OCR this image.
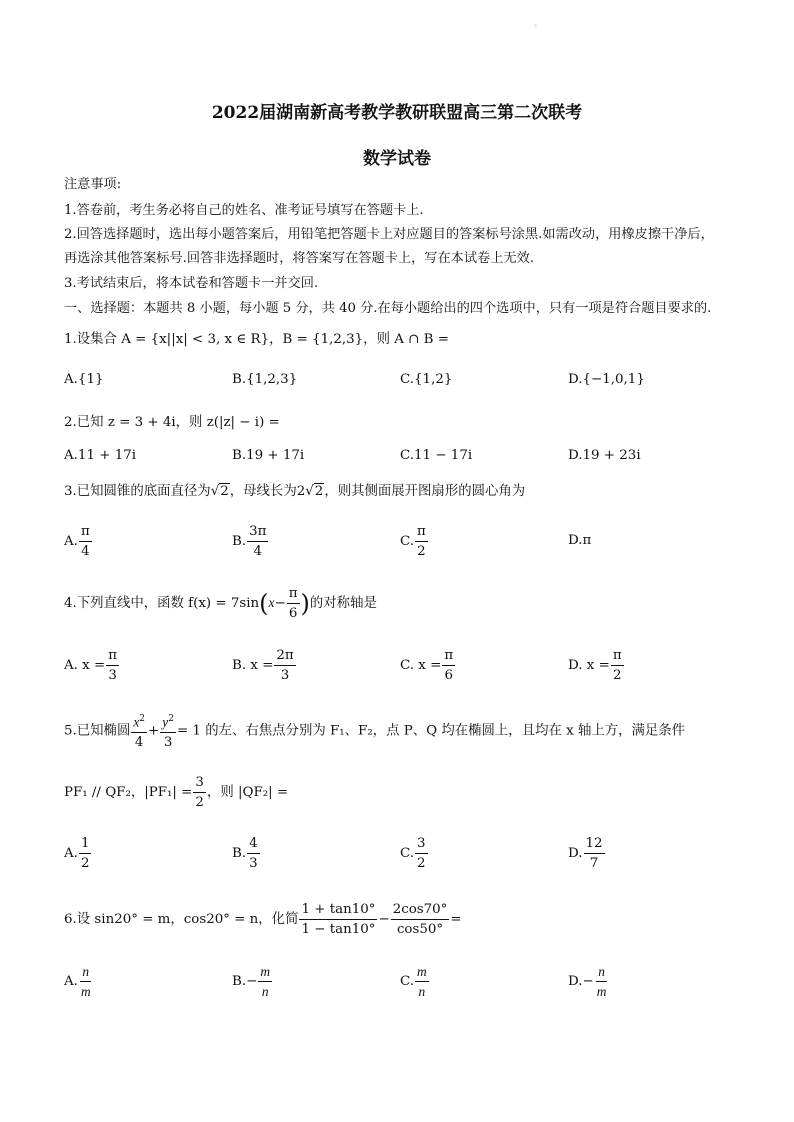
。
2022届湖南新高考教学教研联盟高三第二次联考
数学试卷
注意事项:
1.答卷前，考生务必将自己的姓名、准考证号填写在答题卡上.
2.回答选择题时，选出每小题答案后，用铅笔把答题卡上对应题目的答案标号涂黑.如需改动，用橡皮擦干净后，
再选涂其他答案标号.回答非选择题时，将答案写在答题卡上，写在本试卷上无效.
3.考试结束后，将本试卷和答题卡一并交回.
一、选择题：本题共 8 小题，每小题 5 分，共 40 分.在每小题给出的四个选项中，只有一项是符合题目要求的.
1.设集合 A = {x||x| < 3, x ∈ R}，B = {1,2,3}，则 A ∩ B =
A.{1}	B.{1,2,3}	C.{1,2}	D.{−1,0,1}
2.已知 z = 3 + 4i，则 z(|z| − i) =
A.11 + 17i	B.19 + 17i	C.11 − 17i	D.19 + 23i
3.已知圆锥的底面直径为√2，母线长为2√2，则其侧面展开图扇形的圆心角为
A. $\frac{\pi}{4}$	B. $\frac{3\pi}{4}$	C. $\frac{\pi}{2}$	D.π
4.下列直线中，函数 $f(x) = 7\sin(x- \frac{\pi}{6}$ )的对称轴是
A. $x = \frac{\pi}{3}$	B. $x = \frac{2\pi}{3}$	C. $x = \frac{\pi}{6}$	D. $x = \frac{\pi}{2}$
5.已知椭圆 $\frac{x^2}{4} + \frac{y^2}{3} = 1$ 的左、右焦点分别为 F₁、F₂，点 P、Q 均在椭圆上，且均在 x 轴上方，满足条件
PF₁ // QF₂，$|PF_1| = \frac{3}{2}$ ，则 |QF₂| =
A. $\frac{1}{2}$	B. $\frac{4}{3}$	C. $\frac{3}{2}$	D. $\frac{12}{7}$
6.设 sin20° = m，cos20° = n，化简 $\frac{1 + \tan 10^\circ}{1 - \tan 10^\circ} - \frac{2\cos 70^\circ}{\cos 50^\circ}$ =
A. $\frac{n}{m}$	$B.- \frac{m}{n}$	C. $\frac{m}{n}$	$D.- \frac{n}{m}$
